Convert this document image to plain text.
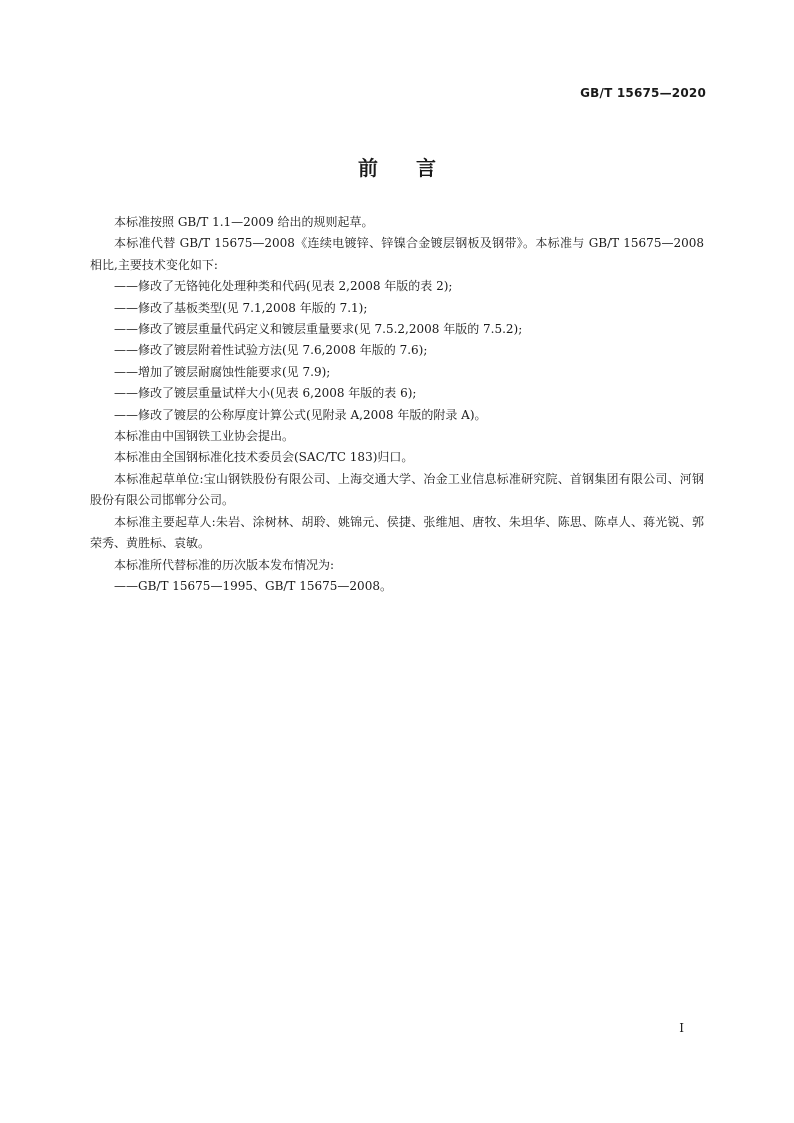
GB/T 15675—2020
前言

本标准按照 GB/T 1.1—2009 给出的规则起草。

本标准代替 GB/T 15675—2008《连续电镀锌、锌镍合金镀层钢板及钢带》。本标准与 GB/T 15675—2008 相比,主要技术变化如下:

——修改了无铬钝化处理种类和代码(见表 2,2008 年版的表 2);

——修改了基板类型(见 7.1,2008 年版的 7.1);

——修改了镀层重量代码定义和镀层重量要求(见 7.5.2,2008 年版的 7.5.2);

——修改了镀层附着性试验方法(见 7.6,2008 年版的 7.6);

——增加了镀层耐腐蚀性能要求(见 7.9);

——修改了镀层重量试样大小(见表 6,2008 年版的表 6);

——修改了镀层的公称厚度计算公式(见附录 A,2008 年版的附录 A)。

本标准由中国钢铁工业协会提出。

本标准由全国钢标准化技术委员会(SAC/TC 183)归口。

本标准起草单位:宝山钢铁股份有限公司、上海交通大学、冶金工业信息标准研究院、首钢集团有限公司、河钢股份有限公司邯郸分公司。

本标准主要起草人:朱岩、涂树林、胡聆、姚锦元、侯捷、张维旭、唐牧、朱坦华、陈思、陈卓人、蒋光锐、郭荣秀、黄胜标、袁敏。

本标准所代替标准的历次版本发布情况为:

——GB/T 15675—1995、GB/T 15675—2008。

I
